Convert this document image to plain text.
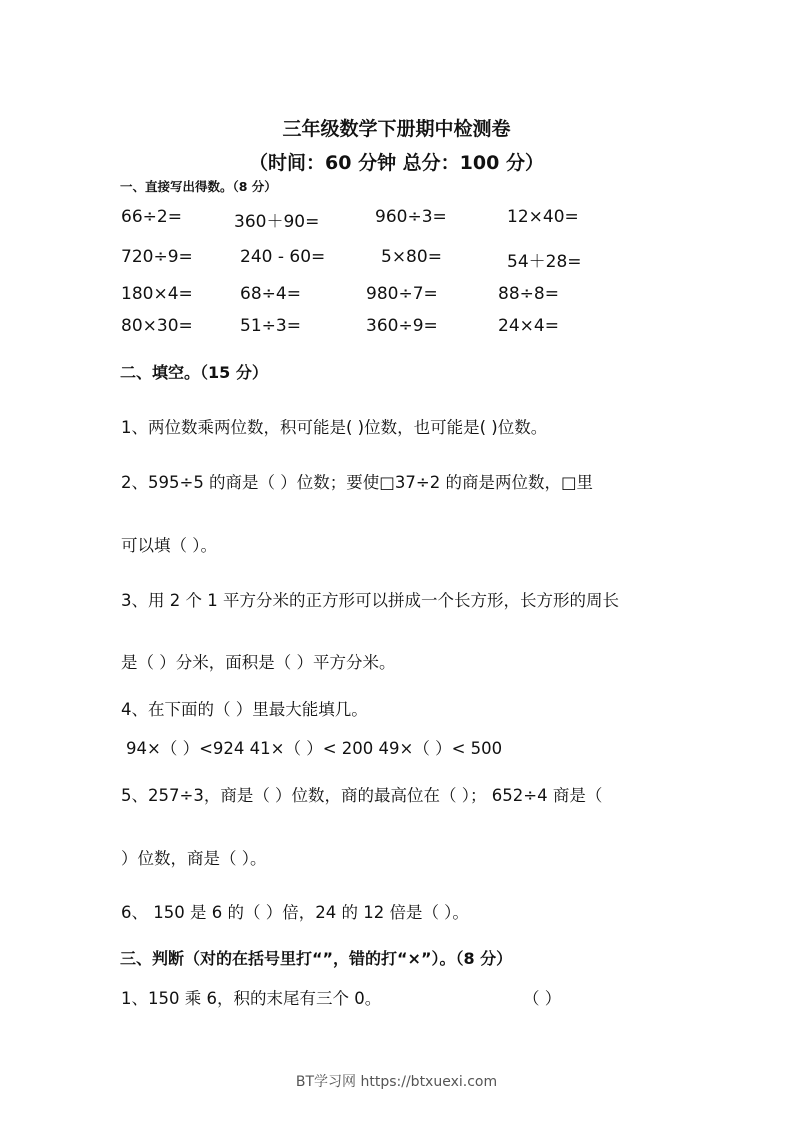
三年级数学下册期中检测卷
（时间：60 分钟 总分：100 分）
一、直接写出得数。（8 分）
66÷2=	360＋90=	960÷3=	12×40=
720÷9=	240 - 60=	5×80=	54＋28=
180×4=	68÷4=	980÷7=	88÷8=
80×30=	51÷3=	360÷9=	24×4=
二、填空。（15 分）
1、两位数乘两位数，积可能是( )位数，也可能是( )位数。
2、595÷5 的商是（ ）位数；要使□37÷2 的商是两位数，□里
可以填（ ）。
3、用 2 个 1 平方分米的正方形可以拼成一个长方形，长方形的周长
是（ ）分米，面积是（ ）平方分米。
4、在下面的（ ）里最大能填几。
94×（ ）<924 41×（ ）< 200 49×（ ）< 500
5、257÷3，商是（ ）位数，商的最高位在（ ）； 652÷4 商是（
）位数，商是（ ）。
6、 150 是 6 的（ ）倍，24 的 12 倍是（ ）。
三、判断（对的在括号里打“”，错的打“×”）。（8 分）
1、150 乘 6，积的末尾有三个 0。	（ ）
BT学习网 https://btxuexi.com
